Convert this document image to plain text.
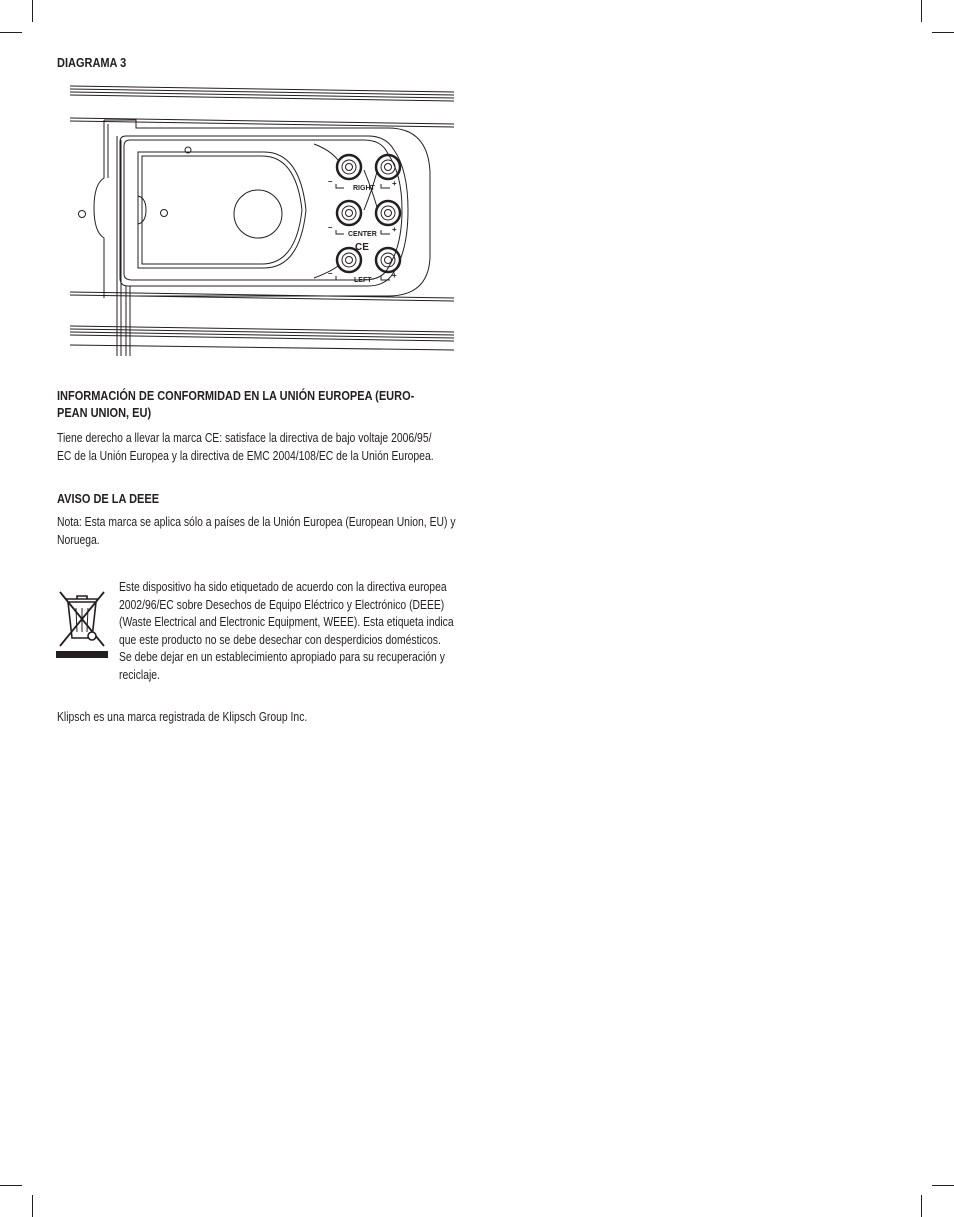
DIAGRAMA 3
RIGHT
CENTER
LEFT
CE
–	+
–	+
–	+
INFORMACIÓN DE CONFORMIDAD EN LA UNIÓN EUROPEA (EURO-
PEAN UNION, EU)

Tiene derecho a llevar la marca CE: satisface la directiva de bajo voltaje 2006/95/
EC de la Unión Europea y la directiva de EMC 2004/108/EC de la Unión Europea.

AVISO DE LA DEEE

Nota: Esta marca se aplica sólo a países de la Unión Europea (European Union, EU) y
Noruega.

Este dispositivo ha sido etiquetado de acuerdo con la directiva europea
2002/96/EC sobre Desechos de Equipo Eléctrico y Electrónico (DEEE)
(Waste Electrical and Electronic Equipment, WEEE). Esta etiqueta indica
que este producto no se debe desechar con desperdicios domésticos.
Se debe dejar en un establecimiento apropiado para su recuperación y
reciclaje.

Klipsch es una marca registrada de Klipsch Group Inc.
